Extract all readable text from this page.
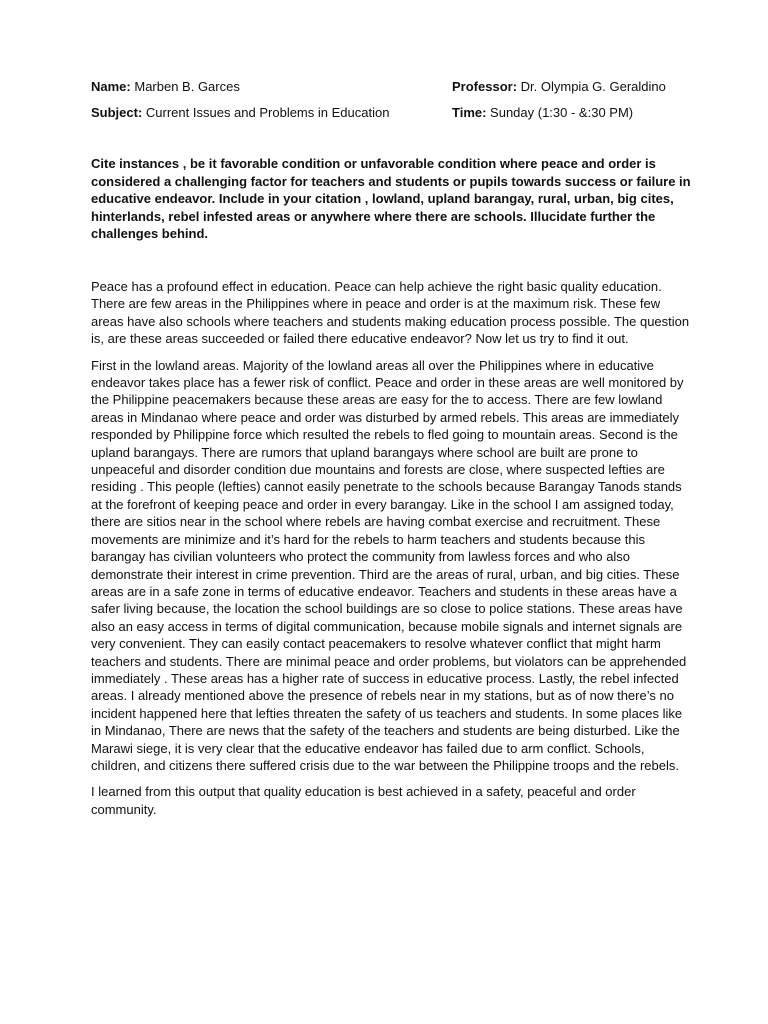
Name: Marben B. Garces	Professor: Dr. Olympia G. Geraldino
Subject: Current Issues and Problems in Education	Time: Sunday (1:30 - &:30 PM)

Cite instances , be it favorable condition or unfavorable condition where peace and order is considered a challenging factor for teachers and students or pupils towards success or failure in educative endeavor. Include in your citation , lowland, upland barangay, rural, urban, big cites, hinterlands, rebel infested areas or anywhere where there are schools. Illucidate further the challenges behind.

Peace has a profound effect in education. Peace can help achieve the right basic quality education. There are few areas in the Philippines where in peace and order is at the maximum risk. These few areas have also schools where teachers and students making education process possible. The question is, are these areas succeeded or failed there educative endeavor? Now let us try to find it out.

First in the lowland areas. Majority of the lowland areas all over the Philippines where in educative endeavor takes place has a fewer risk of conflict. Peace and order in these areas are well monitored by the Philippine peacemakers because these areas are easy for the to access. There are few lowland areas in Mindanao where peace and order was disturbed by armed rebels. This areas are immediately responded by Philippine force which resulted the rebels to fled going to mountain areas. Second is the upland barangays. There are rumors that upland barangays where school are built are prone to unpeaceful and disorder condition due mountains and forests are close, where suspected lefties are residing . This people (lefties) cannot easily penetrate to the schools because Barangay Tanods stands at the forefront of keeping peace and order in every barangay. Like in the school I am assigned today, there are sitios near in the school where rebels are having combat exercise and recruitment. These movements are minimize and it’s hard for the rebels to harm teachers and students because this barangay has civilian volunteers who protect the community from lawless forces and who also demonstrate their interest in crime prevention. Third are the areas of rural, urban, and big cities. These areas are in a safe zone in terms of educative endeavor. Teachers and students in these areas have a safer living because, the location the school buildings are so close to police stations. These areas have also an easy access in terms of digital communication, because mobile signals and internet signals are very convenient. They can easily contact peacemakers to resolve whatever conflict that might harm teachers and students. There are minimal peace and order problems, but violators can be apprehended immediately . These areas has a higher rate of success in educative process. Lastly, the rebel infected areas. I already mentioned above the presence of rebels near in my stations, but as of now there’s no incident happened here that lefties threaten the safety of us teachers and students. In some places like in Mindanao, There are news that the safety of the teachers and students are being disturbed. Like the Marawi siege, it is very clear that the educative endeavor has failed due to arm conflict. Schools, children, and citizens there suffered crisis due to the war between the Philippine troops and the rebels.

I learned from this output that quality education is best achieved in a safety, peaceful and order community.
